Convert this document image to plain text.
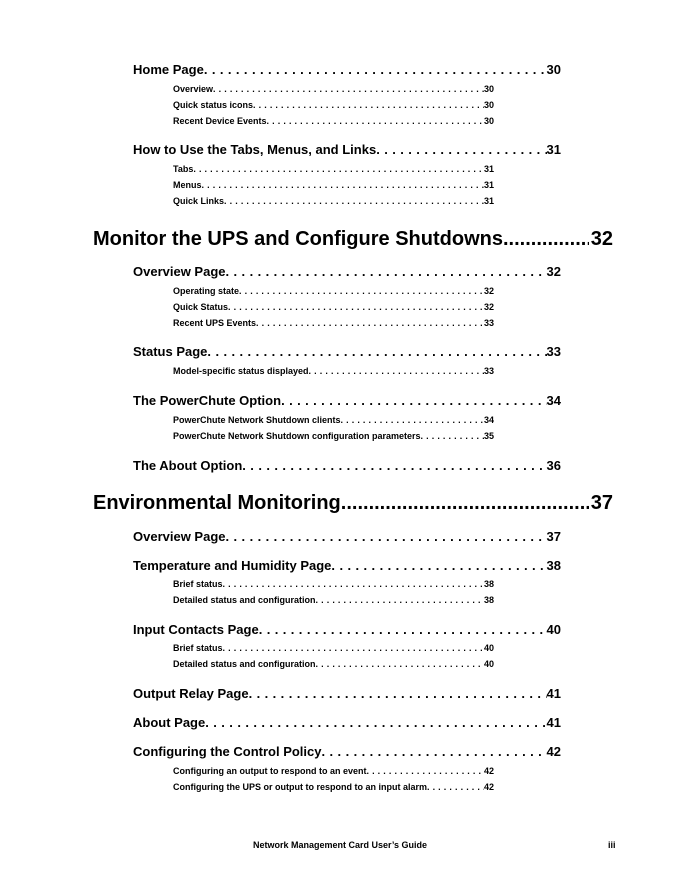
Home Page . . .	30
Overview . . .	30
Quick status icons . . .	30
Recent Device Events . . .	30
How to Use the Tabs, Menus, and Links . . .	31
Tabs . . .	31
Menus . . .	31
Quick Links . . .	31
Monitor the UPS and Configure Shutdowns .....	32
Overview Page . . .	32
Operating state . . .	32
Quick Status . . .	32
Recent UPS Events . . .	33
Status Page . . .	33
Model-specific status displayed . . .	33
The PowerChute Option . . .	34
PowerChute Network Shutdown clients . . .	34
PowerChute Network Shutdown configuration parameters . . .	35
The About Option . . .	36
Environmental Monitoring .....	37
Overview Page . . .	37
Temperature and Humidity Page . . .	38
Brief status . . .	38
Detailed status and configuration . . .	38
Input Contacts Page . . .	40
Brief status . . .	40
Detailed status and configuration . . .	40
Output Relay Page . . .	41
About Page . . .	41
Configuring the Control Policy . . .	42
Configuring an output to respond to an event . . .	42
Configuring the UPS or output to respond to an input alarm . . .	42
Network Management Card User’s Guide	iii
